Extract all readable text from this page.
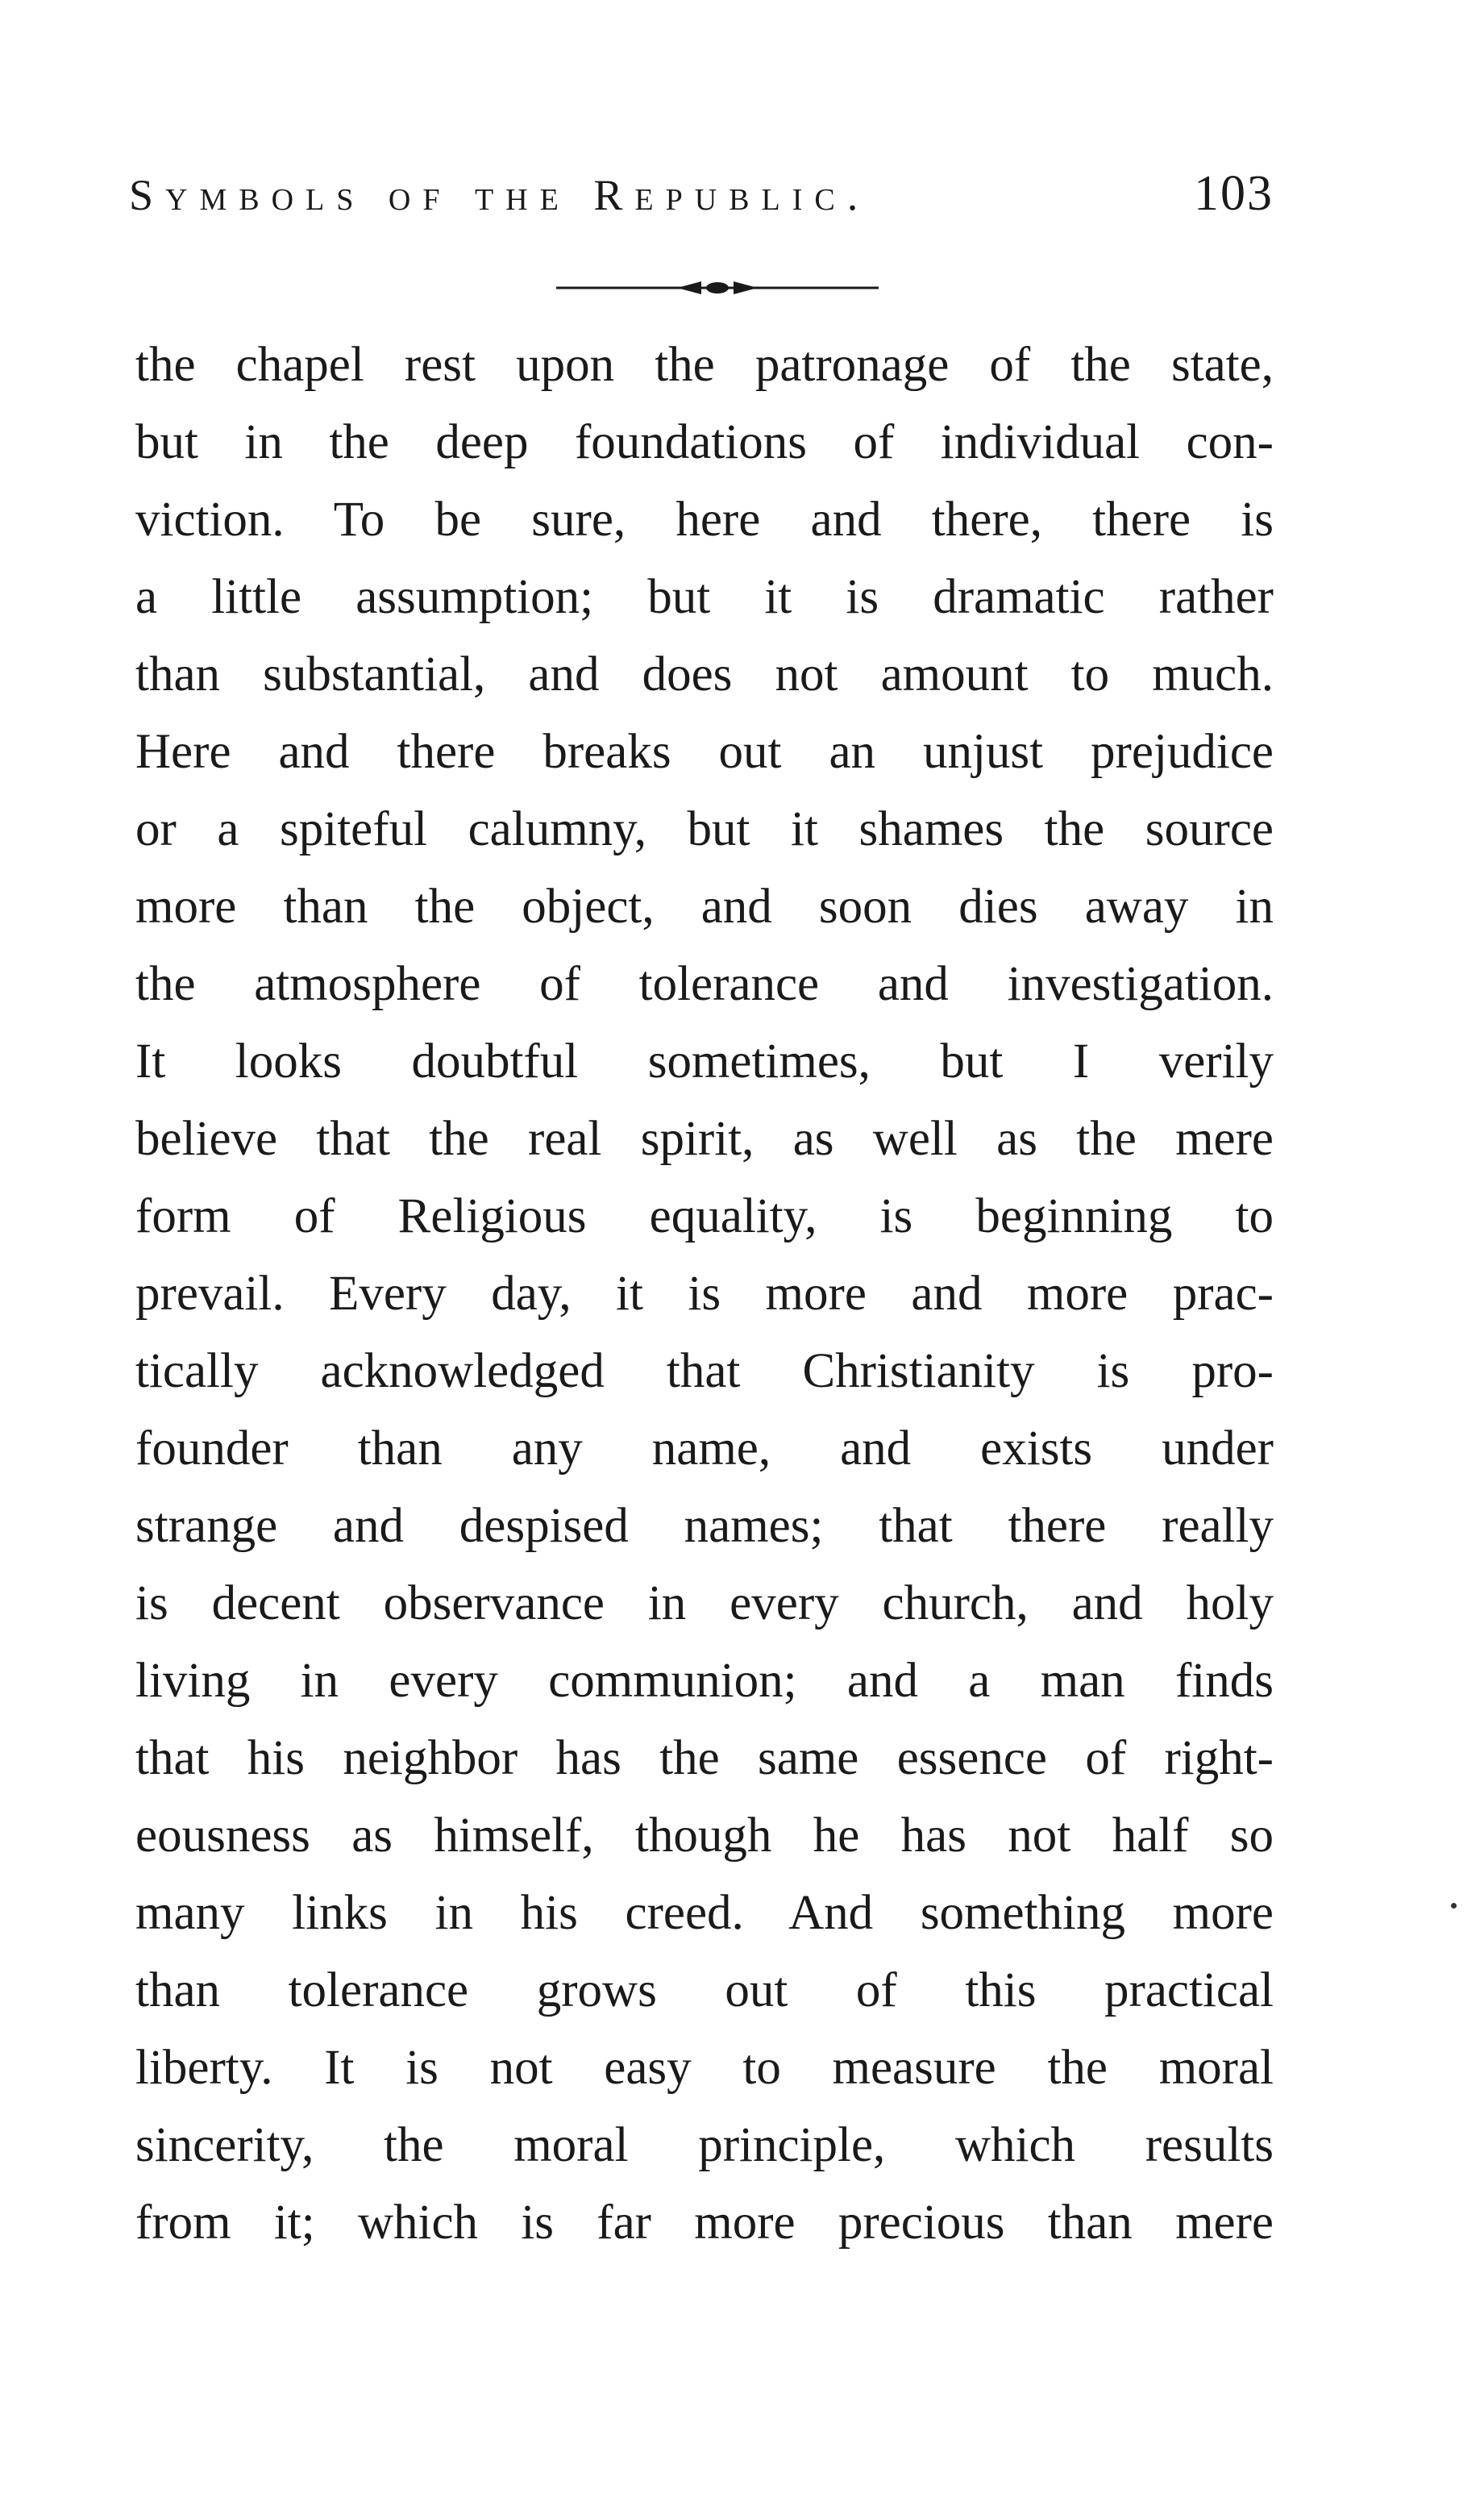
Symbols of the Republic.	103
the chapel rest upon the patronage of the state,
but in the deep foundations of individual con-
viction. To be sure, here and there, there is
a little assumption; but it is dramatic rather
than substantial, and does not amount to much.
Here and there breaks out an unjust prejudice
or a spiteful calumny, but it shames the source
more than the object, and soon dies away in
the atmosphere of tolerance and investigation.
It looks doubtful sometimes, but I verily
believe that the real spirit, as well as the mere
form of Religious equality, is beginning to
prevail. Every day, it is more and more prac-
tically acknowledged that Christianity is pro-
founder than any name, and exists under
strange and despised names; that there really
is decent observance in every church, and holy
living in every communion; and a man finds
that his neighbor has the same essence of right-
eousness as himself, though he has not half so
many links in his creed. And something more
than tolerance grows out of this practical
liberty. It is not easy to measure the moral
sincerity, the moral principle, which results
from it; which is far more precious than mere
